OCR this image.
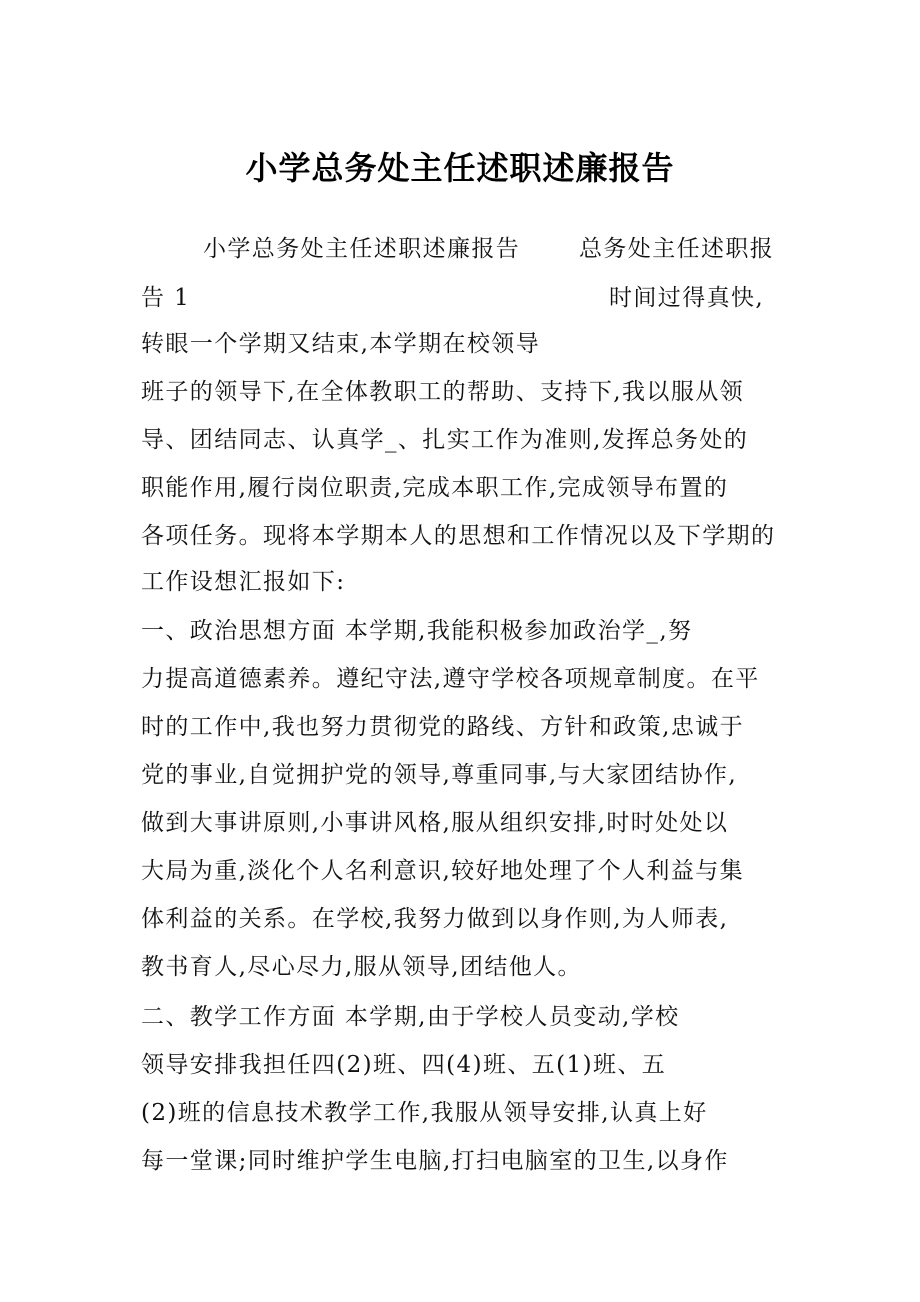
小学总务处主任述职述廉报告
小学总务处主任述职述廉报告	总务处主任述职报
告 1	时间过得真快,
转眼一个学期又结束,本学期在校领导
班子的领导下,在全体教职工的帮助、支持下,我以服从领
导、团结同志、认真学_、扎实工作为准则,发挥总务处的
职能作用,履行岗位职责,完成本职工作,完成领导布置的
各项任务。现将本学期本人的思想和工作情况以及下学期的
工作设想汇报如下:
一、政治思想方面 本学期,我能积极参加政治学_,努
力提高道德素养。遵纪守法,遵守学校各项规章制度。在平
时的工作中,我也努力贯彻党的路线、方针和政策,忠诚于
党的事业,自觉拥护党的领导,尊重同事,与大家团结协作,
做到大事讲原则,小事讲风格,服从组织安排,时时处处以
大局为重,淡化个人名利意识,较好地处理了个人利益与集
体利益的关系。在学校,我努力做到以身作则,为人师表,
教书育人,尽心尽力,服从领导,团结他人。
二、教学工作方面 本学期,由于学校人员变动,学校
领导安排我担任四(2)班、四(4)班、五(1)班、五
(2)班的信息技术教学工作,我服从领导安排,认真上好
每一堂课;同时维护学生电脑,打扫电脑室的卫生,以身作
